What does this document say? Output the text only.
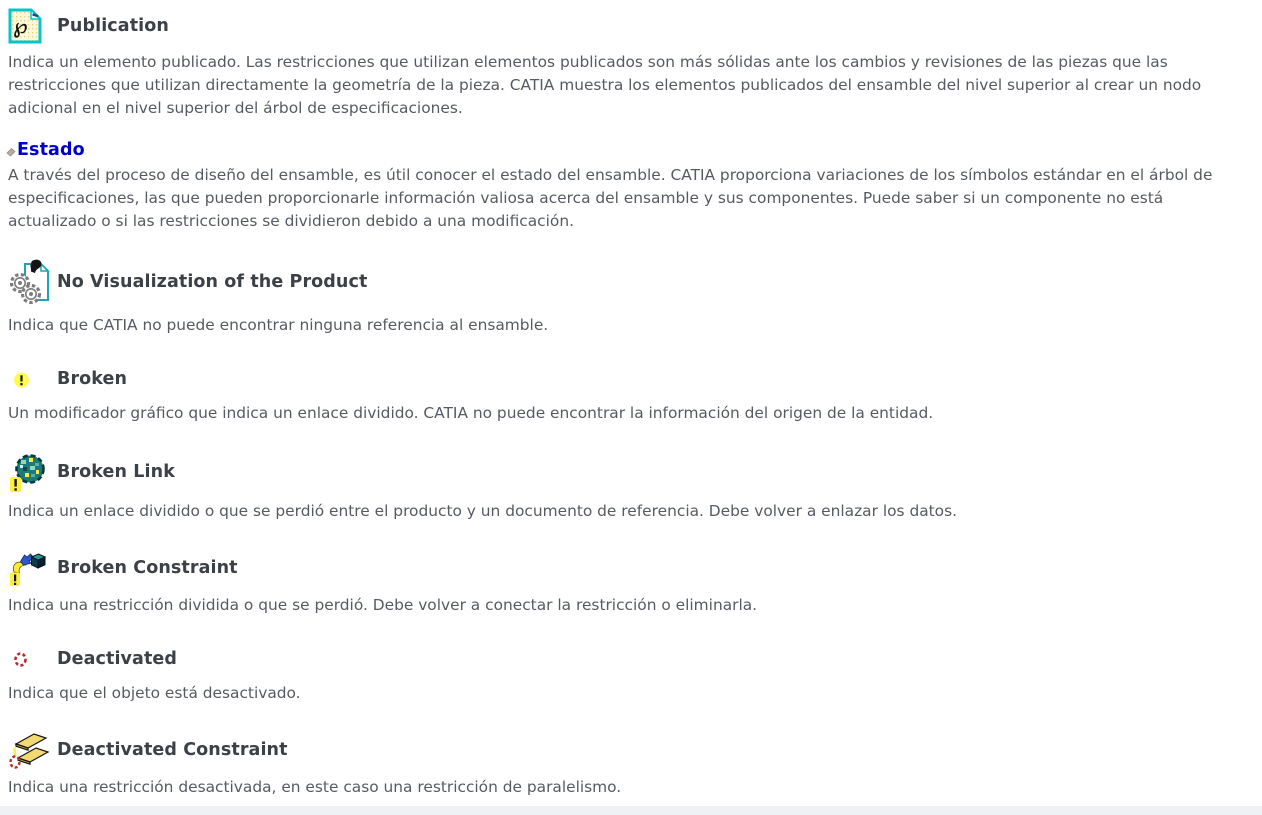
℘ Publication

Indica un elemento publicado. Las restricciones que utilizan elementos publicados son más sólidas ante los cambios y revisiones de las piezas que las restricciones que utilizan directamente la geometría de la pieza. CATIA muestra los elementos publicados del ensamble del nivel superior al crear un nodo adicional en el nivel superior del árbol de especificaciones.

Estado

A través del proceso de diseño del ensamble, es útil conocer el estado del ensamble. CATIA proporciona variaciones de los símbolos estándar en el árbol de especificaciones, las que pueden proporcionarle información valiosa acerca del ensamble y sus componentes. Puede saber si un componente no está actualizado o si las restricciones se dividieron debido a una modificación.

No Visualization of the Product

Indica que CATIA no puede encontrar ninguna referencia al ensamble.

Broken

Un modificador gráfico que indica un enlace dividido. CATIA no puede encontrar la información del origen de la entidad.

Broken Link

Indica un enlace dividido o que se perdió entre el producto y un documento de referencia. Debe volver a enlazar los datos.

Broken Constraint

Indica una restricción dividida o que se perdió. Debe volver a conectar la restricción o eliminarla.

Deactivated

Indica que el objeto está desactivado.

Deactivated Constraint

Indica una restricción desactivada, en este caso una restricción de paralelismo.
